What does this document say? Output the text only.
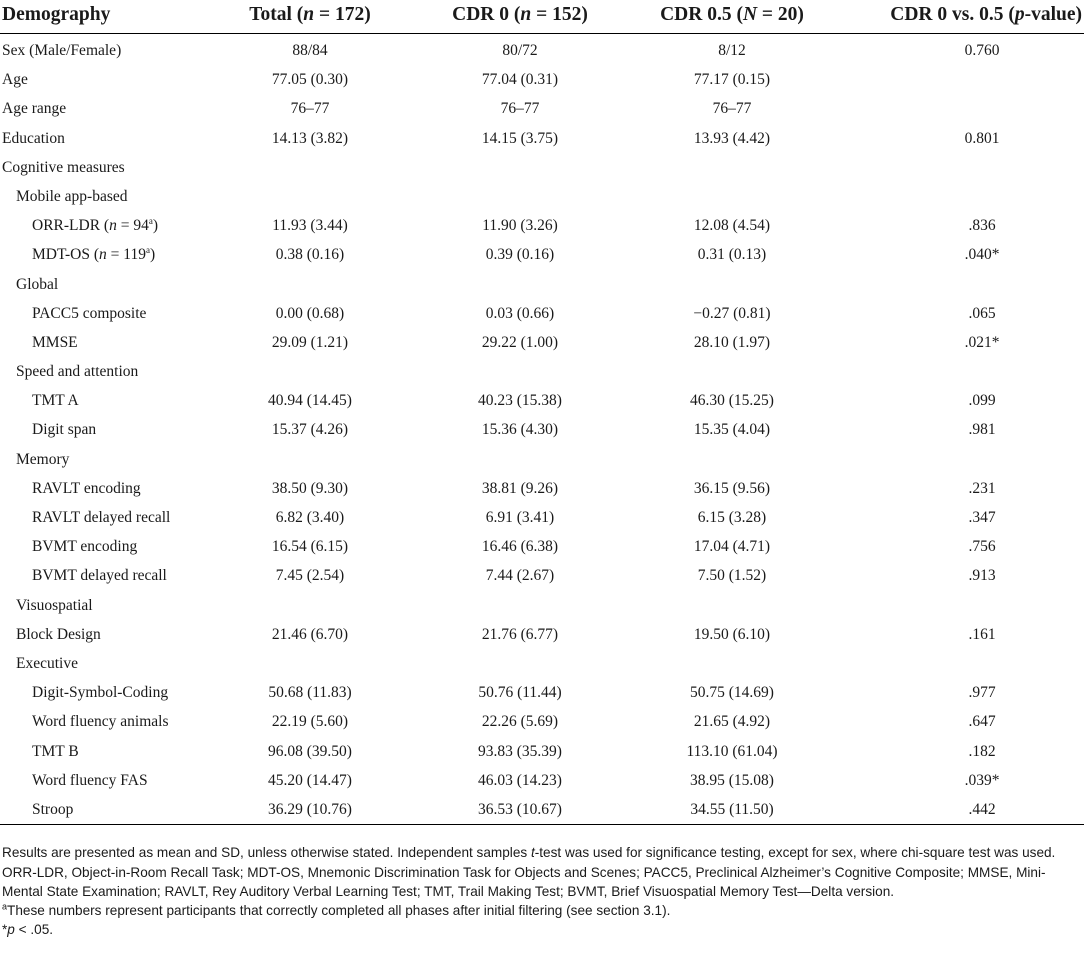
Demography	Total (n = 172)	CDR 0 (n = 152)	CDR 0.5 (N = 20)	CDR 0 vs. 0.5 (p-value)
Sex (Male/Female)	88/84	80/72	8/12	0.760
Age	77.05 (0.30)	77.04 (0.31)	77.17 (0.15)
Age range	76–77	76–77	76–77
Education	14.13 (3.82)	14.15 (3.75)	13.93 (4.42)	0.801
Cognitive measures
Mobile app-based
ORR-LDR $(n = 94^a)$	11.93 (3.44)	11.90 (3.26)	12.08 (4.54)	.836
MDT-OS $(n = 119^a)$	0.38 (0.16)	0.39 (0.16)	0.31 (0.13)	.040*
Global
PACC5 composite	0.00 (0.68)	0.03 (0.66)	−0.27 (0.81)	.065
MMSE	29.09 (1.21)	29.22 (1.00)	28.10 (1.97)	.021*
Speed and attention
TMT A	40.94 (14.45)	40.23 (15.38)	46.30 (15.25)	.099
Digit span	15.37 (4.26)	15.36 (4.30)	15.35 (4.04)	.981
Memory
RAVLT encoding	38.50 (9.30)	38.81 (9.26)	36.15 (9.56)	.231
RAVLT delayed recall	6.82 (3.40)	6.91 (3.41)	6.15 (3.28)	.347
BVMT encoding	16.54 (6.15)	16.46 (6.38)	17.04 (4.71)	.756
BVMT delayed recall	7.45 (2.54)	7.44 (2.67)	7.50 (1.52)	.913
Visuospatial
Block Design	21.46 (6.70)	21.76 (6.77)	19.50 (6.10)	.161
Executive
Digit-Symbol-Coding	50.68 (11.83)	50.76 (11.44)	50.75 (14.69)	.977
Word fluency animals	22.19 (5.60)	22.26 (5.69)	21.65 (4.92)	.647
TMT B	96.08 (39.50)	93.83 (35.39)	113.10 (61.04)	.182
Word fluency FAS	45.20 (14.47)	46.03 (14.23)	38.95 (15.08)	.039*
Stroop	36.29 (10.76)	36.53 (10.67)	34.55 (11.50)	.442

Results are presented as mean and SD, unless otherwise stated. Independent samples t-test was used for significance testing, except for sex, where chi-square test was used.

ORR-LDR, Object-in-Room Recall Task; MDT-OS, Mnemonic Discrimination Task for Objects and Scenes; PACC5, Preclinical Alzheimer’s Cognitive Composite; MMSE, Mini-Mental State Examination; RAVLT, Rey Auditory Verbal Learning Test; TMT, Trail Making Test; BVMT, Brief Visuospatial Memory Test—Delta version.

$^a$These numbers represent participants that correctly completed all phases after initial filtering (see section 3.1).

*p < .05.
